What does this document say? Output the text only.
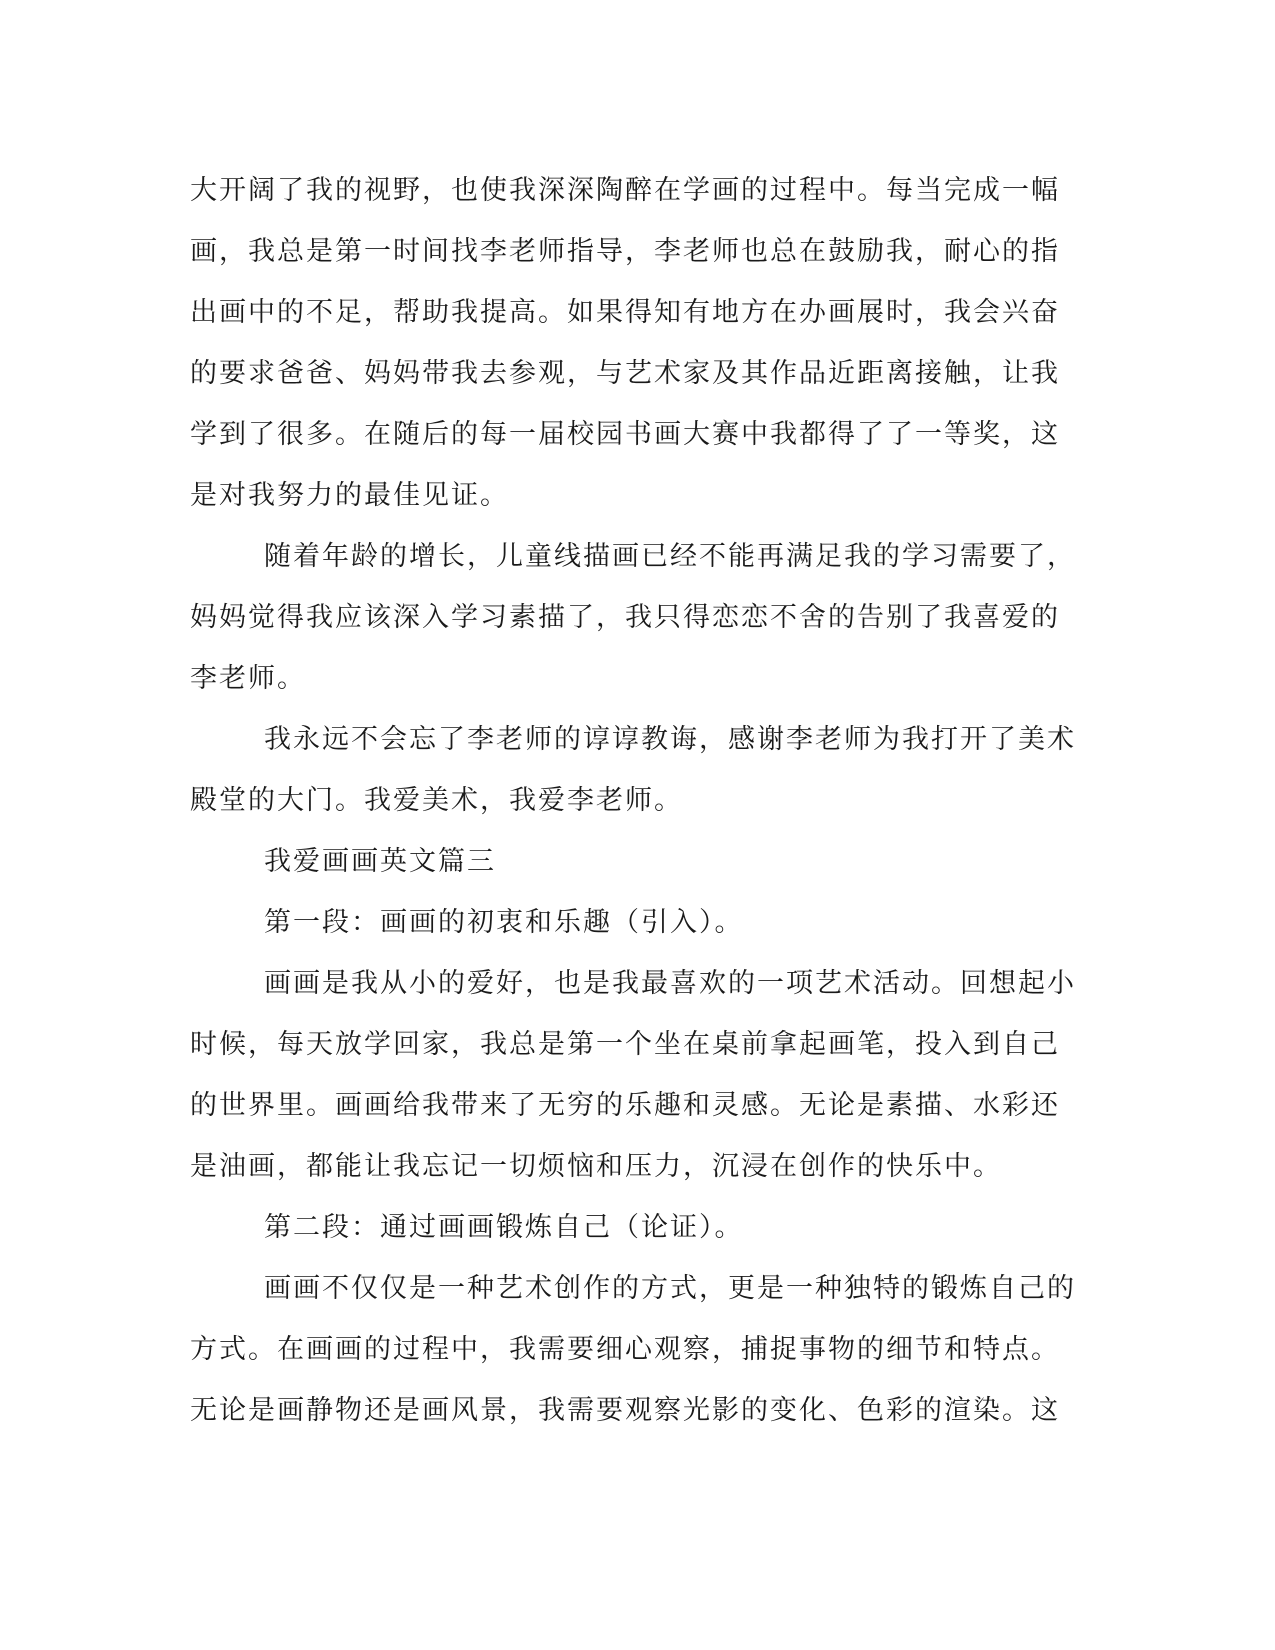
大开阔了我的视野，也使我深深陶醉在学画的过程中。每当完成一幅
画，我总是第一时间找李老师指导，李老师也总在鼓励我，耐心的指
出画中的不足，帮助我提高。如果得知有地方在办画展时，我会兴奋
的要求爸爸、妈妈带我去参观，与艺术家及其作品近距离接触，让我
学到了很多。在随后的每一届校园书画大赛中我都得了了一等奖，这
是对我努力的最佳见证。
随着年龄的增长，儿童线描画已经不能再满足我的学习需要了，
妈妈觉得我应该深入学习素描了，我只得恋恋不舍的告别了我喜爱的
李老师。
我永远不会忘了李老师的谆谆教诲，感谢李老师为我打开了美术
殿堂的大门。我爱美术，我爱李老师。
我爱画画英文篇三
第一段：画画的初衷和乐趣（引入）。
画画是我从小的爱好，也是我最喜欢的一项艺术活动。回想起小
时候，每天放学回家，我总是第一个坐在桌前拿起画笔，投入到自己
的世界里。画画给我带来了无穷的乐趣和灵感。无论是素描、水彩还
是油画，都能让我忘记一切烦恼和压力，沉浸在创作的快乐中。
第二段：通过画画锻炼自己（论证）。
画画不仅仅是一种艺术创作的方式，更是一种独特的锻炼自己的
方式。在画画的过程中，我需要细心观察，捕捉事物的细节和特点。
无论是画静物还是画风景，我需要观察光影的变化、色彩的渲染。这
